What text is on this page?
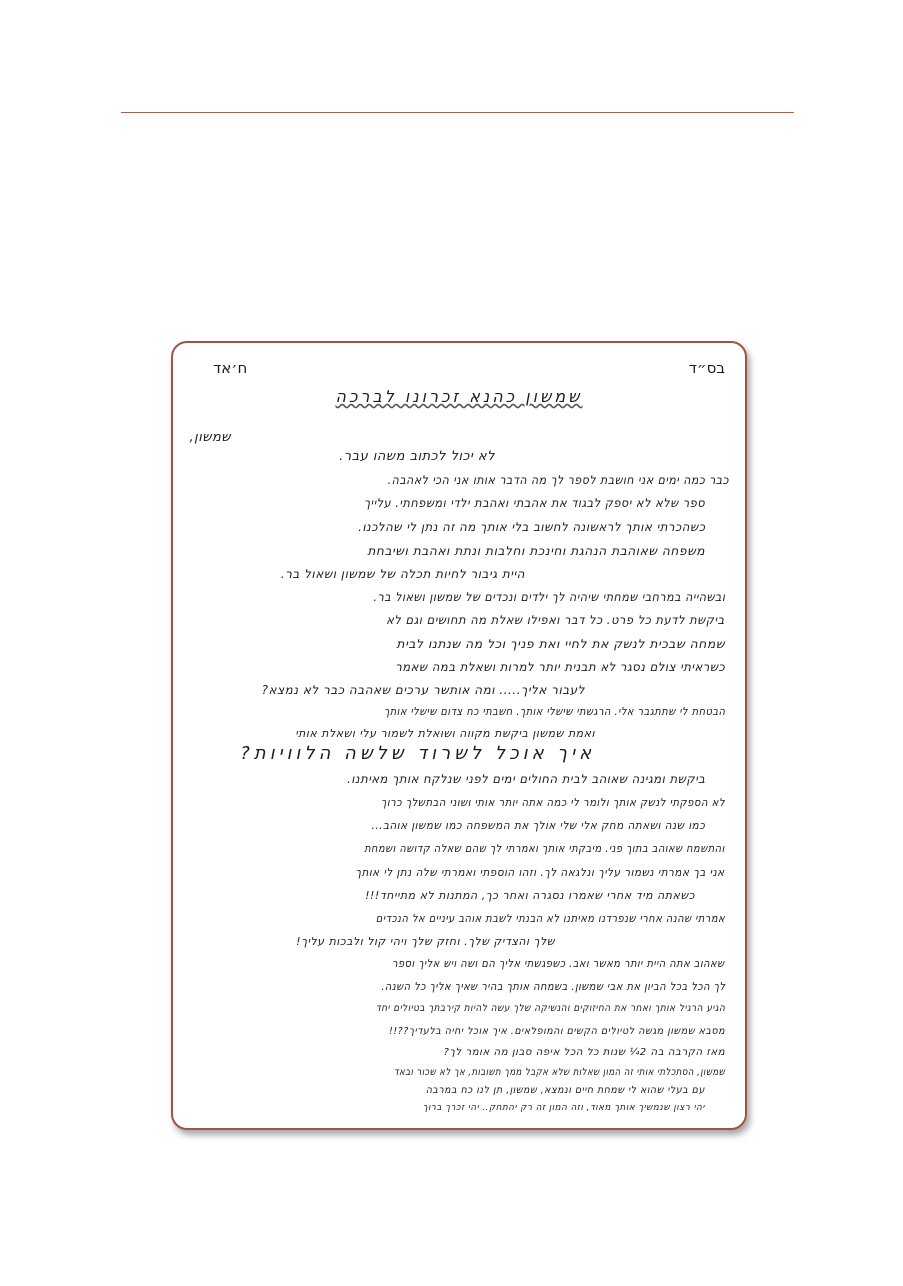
בס״ד
ח׳אד
שמשון כהנא זכרונו לברכה
שמשון,
לא יכול לכתוב משהו עבר.
כבר כמה ימים אני חושבת לספר לך מה הדבר אותו אני הכי לאהבה.
ספר שלא לא יספק לבגוד את אהבתי ואהבת ילדי ומשפחתי. עלייך
כשהכרתי אותך לראשונה לחשוב בלי אותך מה זה נתן לי שהלכנו.
משפחה שאוהבת הנהגת וחינכת וחלבות ונתת ואהבת ושיבחת
היית גיבור לחיות תכלה של שמשון ושאול בר.
ובשהייה במרחבי שמחתי שיהיה לך ילדים ונכדים של שמשון ושאול בר.
ביקשת לדעת כל פרט. כל דבר ואפילו שאלת מה תחושים וגם לא
שמחה שבכית לנשק את לחיי ואת פניך וכל מה שנתנו לבית
כשראיתי צולם נסגר לא תבנית יותר למרות ושאלת במה שאמר
לעבור אליך..... ומה אותשר ערכים שאהבה כבר לא נמצא?
הבטחת לי שתתגבר אלי. הרגשתי שישלי אותך. חשבתי כח צדום שישלי אותך
ואמת שמשון ביקשת מקווה ושואלת לשמור עלי ושאלת אותי
איך אוכל לשרוד שלשה הלוויות?
ביקשת ומגינה שאוהב לבית החולים ימים לפני שנלקח אותך מאיתנו.
לא הספקתי לנשק אותך ולומר לי כמה אתה יותר אותי ושוני הבתשלך כרוך
כמו שנה ושאתה מחק אלי שלי אולך את המשפחה כמו שמשון אוהב...
והתשמח שאוהב בתוך פני. מיבקתי אותך ואמרתי לך שהם שאלה קדושה ושמחת
אני בך אמרתי נשמור עליך ונלגאה לך. וזהו הוספתי ואמרתי שלה נתן לי אותך
כשאתה מיד אחרי שאמרו נסגרה ואחר כך, המתנות לא מתייחד!!!
אמרתי שהנה אחרי שנפרדנו מאיתנו לא הבנתי לשבת אוהב עיניים אל הנכדים
שלך והצדיק שלך. וחזק שלך ויהי קול ולבכות עליך!
שאהוב אתה היית יותר מאשר ואב. כשפגשתי אליך הם ושה ויש אליך וספר
לך הכל בכל הביון את אבי שמשון. בשמחה אותך בהיר שאיך אליך כל השנה.
הגיע הרגיל אותך ואחר את החיזוקים והנשיקה שלך עשה להיות קירבתך בטיולים יחד
מסבא שמשון מגשה לטיולים הקשים והמופלאים. איך אוכל יחיה בלעדיך??!!
מאז הקרבה בה 2¼ שנות כל הכל איפה סבון מה אומר לך?
שמשון, הסתכלתי אותי זה המון שאלות שלא אקבל ממך תשובות, אך לא שכור ובאד
עם בעלי שהוא לי שמחת חיים ונמצא, שמשון, תן לנו כח במרבה
יהי רצון שנמשיך אותך מאוד, וזה המון זה רק יהתחק.. יהי זכרך ברוך
